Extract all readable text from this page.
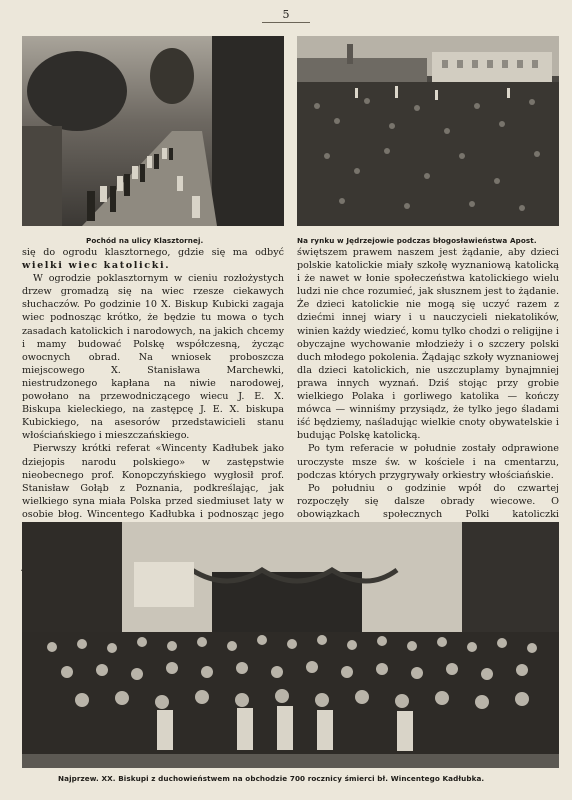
5
Pochód na ulicy Klasztornej.	Na rynku w Jędrzejowie podczas błogosławieństwa Apost.

się do ogrodu klasztornego, gdzie się ma odbyć wielki wiec katolicki.

W ogrodzie poklasztornym w cieniu rozłożystych drzew gromadzą się na wiec rzesze ciekawych słuchaczów. Po godzinie 10 X. Biskup Kubicki zagaja wiec podnosząc krótko, że będzie tu mowa o tych zasadach katolickich i narodowych, na jakich chcemy i mamy budować Polskę współczesną, życząc owocnych obrad. Na wniosek proboszcza miejscowego X. Stanisława Marchewki, niestrudzonego kapłana na niwie narodowej, powołano na przewodniczącego wiecu J. E. X. Biskupa kieleckiego, na zastępcę J. E. X. biskupa Kubickiego, na asesorów przedstawicieli stanu włościańskiego i mieszczańskiego.

Pierwszy krótki referat «Wincenty Kadłubek jako dziejopis narodu polskiego» w zastępstwie nieobecnego prof. Konopczyńskiego wygłosił prof. Stanisław Gołąb z Poznania, podkreślając, jak wielkiego syna miała Polska przed siedmiuset laty w osobie błog. Wincentego Kadłubka i podnosząc jego

świętszem prawem naszem jest żądanie, aby dzieci polskie katolickie miały szkołę wyznaniową katolicką i że nawet w łonie społeczeństwa katolickiego wielu ludzi nie chce rozumieć, jak słusznem jest to żądanie. Że dzieci katolickie nie mogą się uczyć razem z dziećmi innej wiary i u nauczycieli niekatolików, winien każdy wiedzieć, komu tylko chodzi o religijne i obyczajne wychowanie młodzieży i o szczery polski duch młodego pokolenia. Żądając szkoły wyznaniowej dla dzieci katolickich, nie uszczuplamy bynajmniej prawa innych wyznań. Dziś stojąc przy grobie wielkiego Polaka i gorliwego katolika — kończy mówca — winniśmy przysiądz, że tylko jego śladami iść będziemy, naśladując wielkie cnoty obywatelskie i budując Polskę katolicką.

Po tym referacie w południe zostały odprawione uroczyste msze św. w kościele i na cmentarzu, podczas których przygrywały orkiestry włościańskie.

Po południu o godzinie wpół do czwartej rozpoczęły się dalsze obrady wiecowe. O obowiązkach społecznych Polki katoliczki

Najprzew. XX. Biskupi z duchowieństwem na obchodzie 700 rocznicy śmierci bł. Wincentego Kadłubka.
